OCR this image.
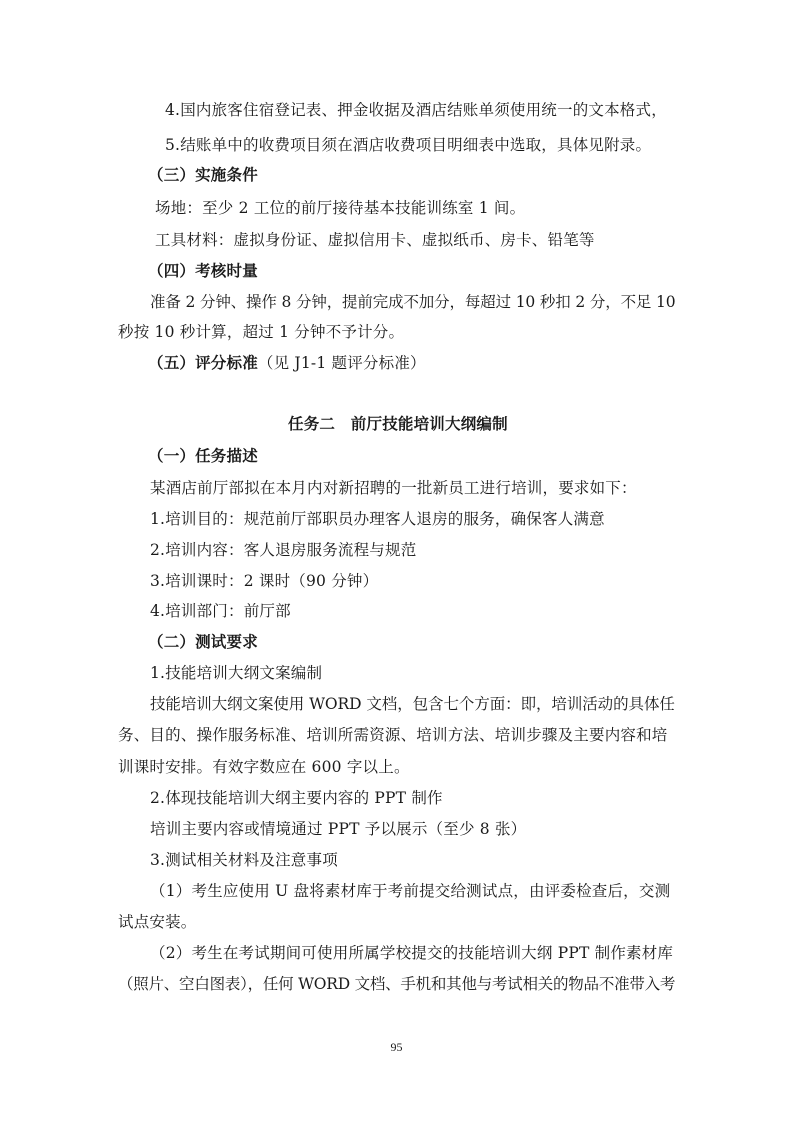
4.国内旅客住宿登记表、押金收据及酒店结账单须使用统一的文本格式，
5.结账单中的收费项目须在酒店收费项目明细表中选取，具体见附录。
（三）实施条件
场地：至少 2 工位的前厅接待基本技能训练室 1 间。
工具材料：虚拟身份证、虚拟信用卡、虚拟纸币、房卡、铅笔等
（四）考核时量
准备 2 分钟、操作 8 分钟，提前完成不加分，每超过 10 秒扣 2 分，不足 10
秒按 10 秒计算，超过 1 分钟不予计分。
（五）评分标准（见 J1-1 题评分标准）
任务二　前厅技能培训大纲编制
（一）任务描述
某酒店前厅部拟在本月内对新招聘的一批新员工进行培训，要求如下：
1.培训目的：规范前厅部职员办理客人退房的服务，确保客人满意
2.培训内容：客人退房服务流程与规范
3.培训课时：2 课时（90 分钟）
4.培训部门：前厅部
（二）测试要求
1.技能培训大纲文案编制
技能培训大纲文案使用 WORD 文档，包含七个方面：即，培训活动的具体任
务、目的、操作服务标准、培训所需资源、培训方法、培训步骤及主要内容和培
训课时安排。有效字数应在 600 字以上。
2.体现技能培训大纲主要内容的 PPT 制作
培训主要内容或情境通过 PPT 予以展示（至少 8 张）
3.测试相关材料及注意事项
（1）考生应使用 U 盘将素材库于考前提交给测试点，由评委检查后，交测
试点安装。
（2）考生在考试期间可使用所属学校提交的技能培训大纲 PPT 制作素材库
（照片、空白图表），任何 WORD 文档、手机和其他与考试相关的物品不准带入考
95
